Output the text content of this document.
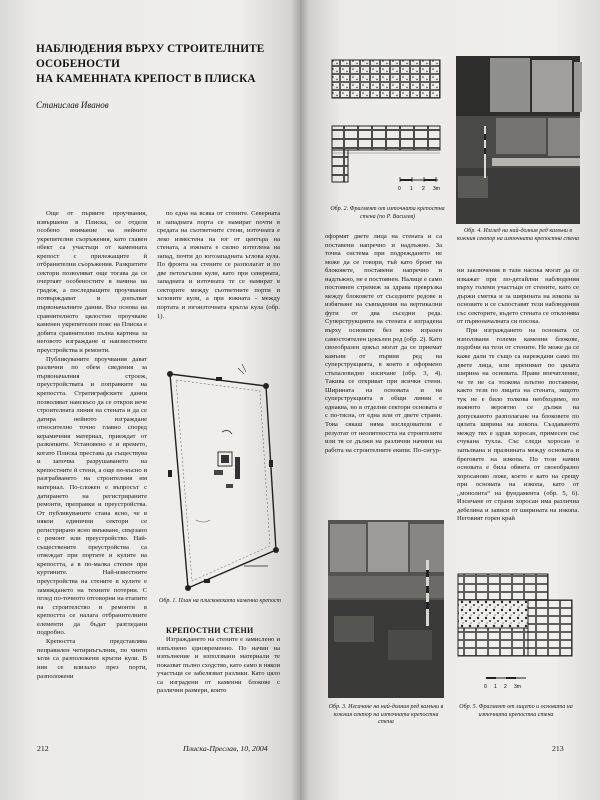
НАБЛЮДЕНИЯ ВЪРХУ СТРОИТЕЛНИТЕ ОСОБЕНОСТИ
НА КАМЕННАТА КРЕПОСТ В ПЛИСКА

Станислав Иванов

Още от първите проучвания, извършени в Плиска, се отделя особено внимание на нейните укрепителни съоръжения, като главен обект са участъци от каменната крепост с прилежащите й отбранителни съоръжения. Разкритите сектори позволяват още тогава да се очертаят особеностите в начина на градеж, а последващите проучвания потвърждават и допълват първоначалните данни. Въз основа на сравнителното цялостно проучване каменен укрепителен пояс на Плиска е добита сравнително пълна картина за неговото изграждане и наизвестните преустройства и ремонти.

Публикуваните проучвания дават различни по обем сведения за първоначалния строеж, преустройствата и поправките на крепостта. Стратиграфските данни позволяват наискъсо да се открои вече строителната линия на стената и да се датира нейното изграждане относително точно главно според керамичния материал, приеждат от разкопките. Установено е и времето, когато Плиска престава да съществува и започва разрушаването на крепостните й стени, а още по-късно и разграбването на строителния им материал. По-сложен е въпросът с датирането на регистрираните ремонти, преправки и преустройства. От публикуваните стана ясно, че в някои единични сектори се регистрирано ясно вмъкване, свързано с ремонт или преустройство. Най-съществените преустройства са отвеждат при портите и кулите на крепостта, а в по-малка степен при куртините. Най-известните преустройства на стените в кулите е замяждането на техните потерни. С оглед по-точното отговорни на етапите на строителство и ремонти в крепостта се налага отбранителните елементи да бъдат разгледани подробно.

Крепостта представлява неправилен четириъгълник, по чиито ъгли са разположени кръгли кули. В ния се влизало през порти, разположени

по една на всяка от стените. Северната и западната порта се намират почти в средата на съответните стени, източната е леко изместена на юг от центъра на стената, а южната е силно изтеглена на запад, почти до югозападната ъглова кула. По фронта на стените се разполагат и по две петоъгълни кули, като при северната, западната и източната те се намират в секторите между съответните порти и ъгловите кули, а при южната - между портата и югоизточната кръгла кула (обр. 1).

Обр. 1. План на плисковската каменна крепост

КРЕПОСТНИ СТЕНИ

Изграждането на стените е замислено и изпълнено едновременно. По начин на изпълнение и използвани материали те показват пълно сходство, като само в някои участъци се забелязват разлики. Като цяло са изградени от каменни блокове с различни размери, които

212	Плиска-Преслав, 10, 2004
0 1 2 3m

Обр. 2. Фрагмент от източната крепостна стена (по Р. Василев)

Обр. 4. Изглед на най-долния ред камъни в южния сектор на източната крепостна стена

оформят двете лица на стената и са поставени напречно и надлъжно. За точна система при подреждането не може да се говори, тъй като броят на блоковете, поставени напречно и надлъжно, не е постоянен. Налице е само постоянен стремеж за здрава превръзка между блоковете от съседните редове и избягване на съвпадения на вертикални фуги от два съседни реда. Суперструкцията на стената е изградена върху основите без ясно изразен самостоятелен цокълен ред (обр. 2). Като своеобразен цокъл могат да се приемат камъни от първия ред на суперструкцията, в които е оформено стъпаловидно изсичане (обр. 3, 4). Такива се откриват при всички стени. Ширината на основата и на суперструкцията в общи линии е еднаква, но в отделни сектори основата е с по-тясна, от една или от двете страни. Това сякаш няма изследователи е резултат от неопитността на строителите или тя се дължи на различни начини на работа на строителните екипи. По-сигур-

ни заключения в тази насока могат да се изкажат при по-детайлни наблюдения върху големи участъци от стените, като се държи сметка и за ширината на изкопа за основите и се съпоставят тези наблюдения със секторите, където стената се отклонява от първоначалната си посока.

При изграждането на основата се използвани големи каменни блокове, подобни на тези от стените. Не може да се каже дали те също са нареждани само по двете лица, или пренимат по цялата ширина на основата. Прави впечатление, че те не са толкова плътно поставени, както тези по лицата на стената, защото тук не е било толкова необходимо, но важното вероятно се дължи на допусканото разполагане на блоковете по цялата ширина на изкопа. Създаваното между тях е здрав хоросан, примесен със счукана тухла. Със следи хоросан е запълвана и празнината между основата и бреговете на изкопа. По този начин основата е била обвита от своеобразно хоросаново ложе, което е като на срещу при основата на изкопа, като от ,,монолита“ на фундамента (обр. 5, 6). Изсичане от страни хоросан има различна дебелина и зависи от ширината на изкопа. Неговият горен край

Обр. 3. Изсичане на най-долния ред камъни в южния сектор на източната крепостна стена

0 1 2 3m

Обр. 5. Фрагмент от лицето и основата на източната крепостна стена

213
